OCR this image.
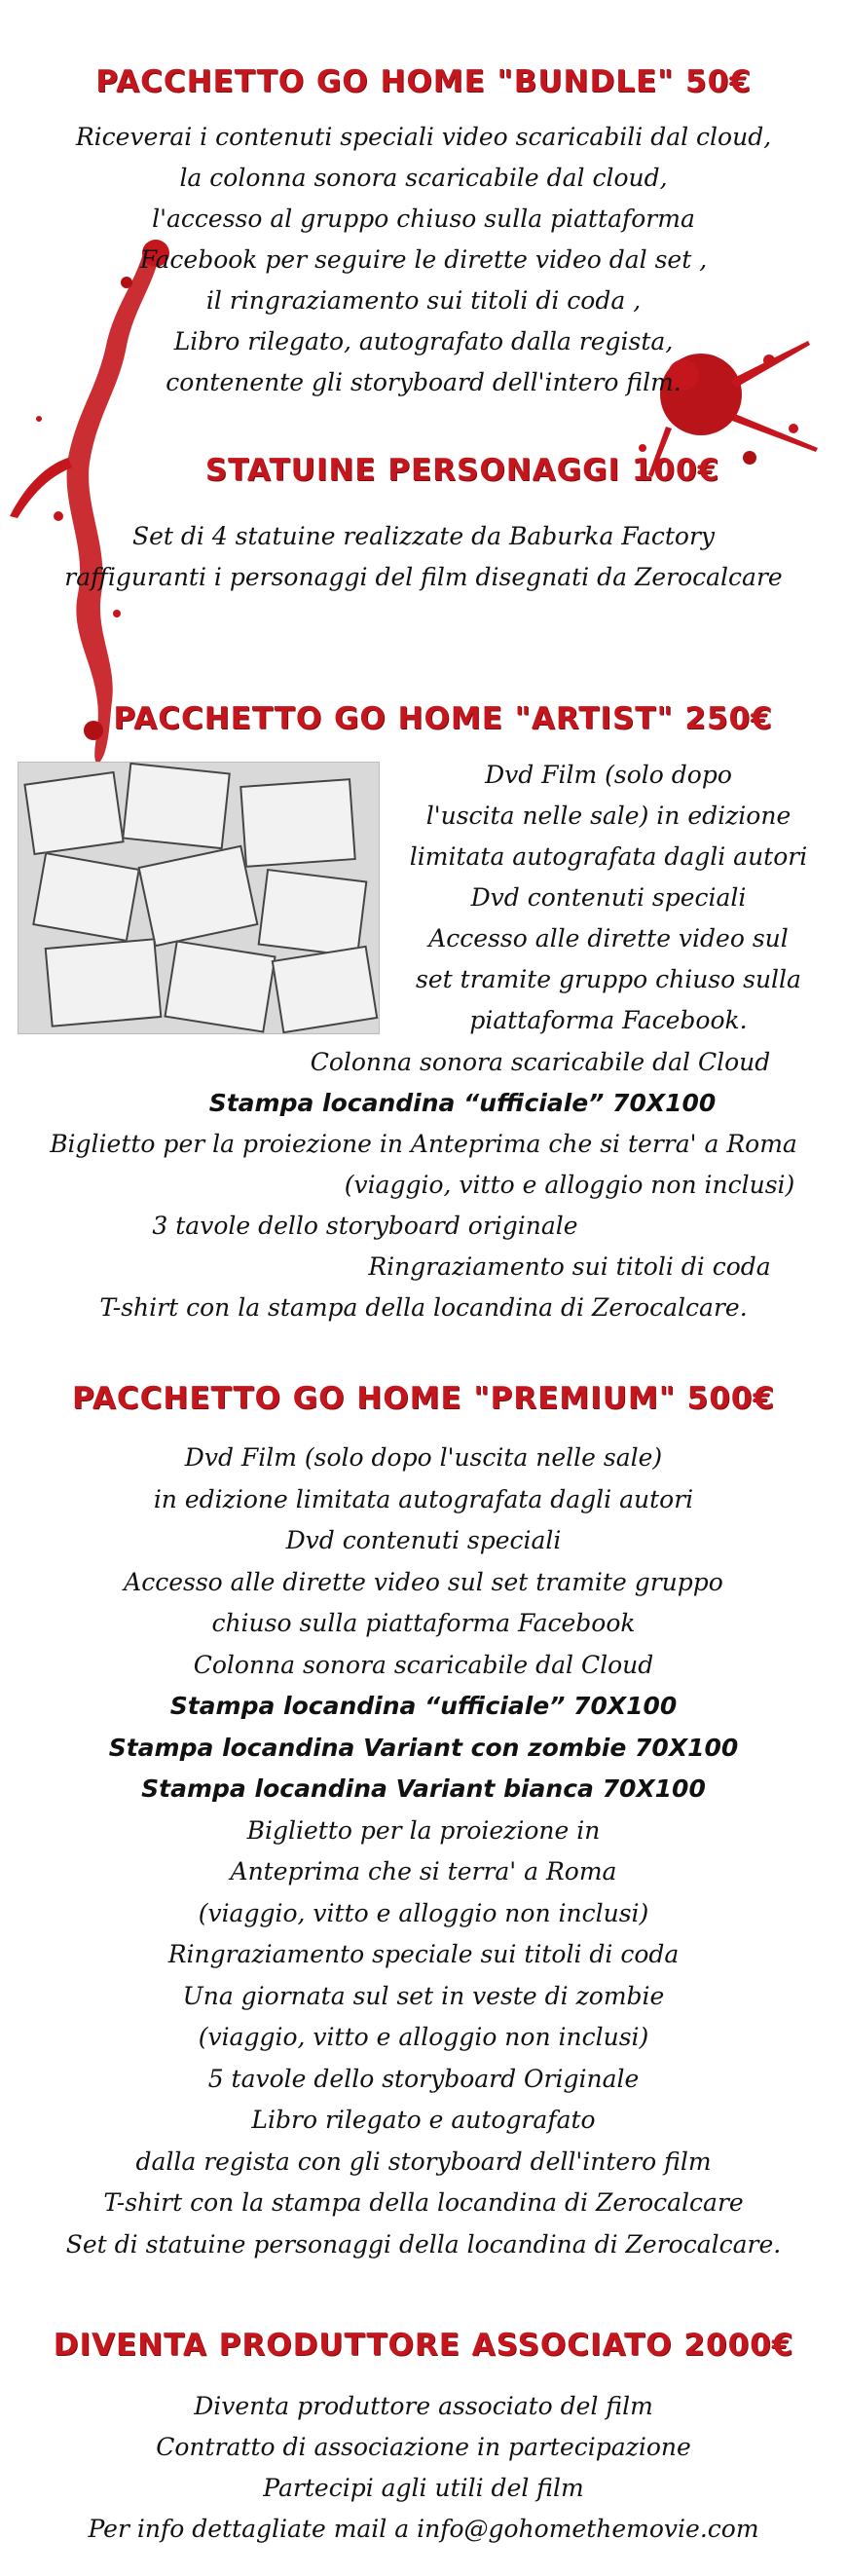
PACCHETTO GO HOME "BUNDLE" 50€
Riceverai i contenuti speciali video scaricabili dal cloud,
la colonna sonora scaricabile dal cloud,
l'accesso al gruppo chiuso sulla piattaforma
Facebook per seguire le dirette video dal set ,
il ringraziamento sui titoli di coda ,
Libro rilegato, autografato dalla regista,
contenente gli storyboard dell'intero film.
STATUINE PERSONAGGI 100€
Set di 4 statuine realizzate da Baburka Factory
raffiguranti i personaggi del film disegnati da Zerocalcare
PACCHETTO GO HOME "ARTIST" 250€
Dvd Film (solo dopo
l'uscita nelle sale) in edizione
limitata autografata dagli autori
Dvd contenuti speciali
Accesso alle dirette video sul
set tramite gruppo chiuso sulla
piattaforma Facebook.
Colonna sonora scaricabile dal Cloud
Stampa locandina “ufficiale” 70X100
Biglietto per la proiezione in Anteprima che si terra' a Roma
(viaggio, vitto e alloggio non inclusi)
3 tavole dello storyboard originale
Ringraziamento sui titoli di coda
T-shirt con la stampa della locandina di Zerocalcare.
PACCHETTO GO HOME "PREMIUM" 500€
Dvd Film (solo dopo l'uscita nelle sale)
in edizione limitata autografata dagli autori
Dvd contenuti speciali
Accesso alle dirette video sul set tramite gruppo
chiuso sulla piattaforma Facebook
Colonna sonora scaricabile dal Cloud
Stampa locandina “ufficiale” 70X100
Stampa locandina Variant con zombie 70X100
Stampa locandina Variant bianca 70X100
Biglietto per la proiezione in
Anteprima che si terra' a Roma
(viaggio, vitto e alloggio non inclusi)
Ringraziamento speciale sui titoli di coda
Una giornata sul set in veste di zombie
(viaggio, vitto e alloggio non inclusi)
5 tavole dello storyboard Originale
Libro rilegato e autografato
dalla regista con gli storyboard dell'intero film
T-shirt con la stampa della locandina di Zerocalcare
Set di statuine personaggi della locandina di Zerocalcare.
DIVENTA PRODUTTORE ASSOCIATO 2000€
Diventa produttore associato del film
Contratto di associazione in partecipazione
Partecipi agli utili del film
Per info dettagliate mail a info@gohomethemovie.com
